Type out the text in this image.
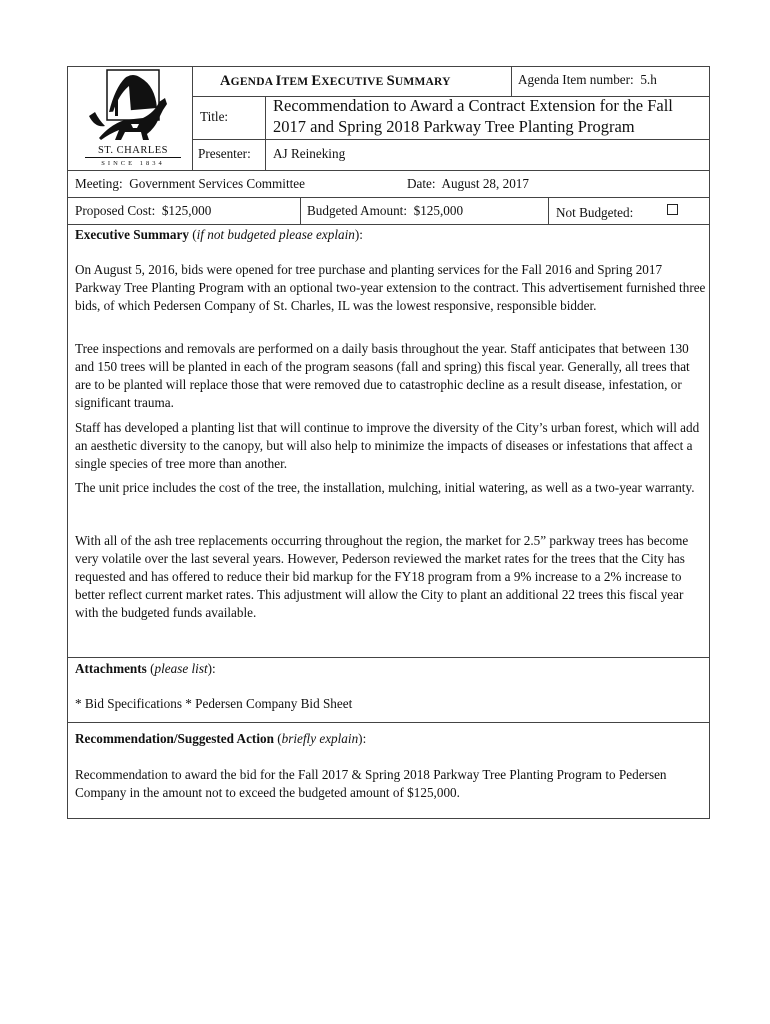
ST. CHARLES
SINCE 1834
AGENDA ITEM EXECUTIVE SUMMARY	Agenda Item number: 5.h
Title:
Recommendation to Award a Contract Extension for the Fall
2017 and Spring 2018 Parkway Tree Planting Program
Presenter: AJ Reineking
Meeting: Government Services Committee	Date: August 28, 2017
Proposed Cost: $125,000	Budgeted Amount: $125,000	Not Budgeted:
Executive Summary (if not budgeted please explain):

On August 5, 2016, bids were opened for tree purchase and planting services for the Fall 2016 and Spring 2017 Parkway Tree Planting Program with an optional two-year extension to the contract. This advertisement furnished three bids, of which Pedersen Company of St. Charles, IL was the lowest responsive, responsible bidder.

Tree inspections and removals are performed on a daily basis throughout the year. Staff anticipates that between 130 and 150 trees will be planted in each of the program seasons (fall and spring) this fiscal year. Generally, all trees that are to be planted will replace those that were removed due to catastrophic decline as a result disease, infestation, or significant trauma.

Staff has developed a planting list that will continue to improve the diversity of the City’s urban forest, which will add an aesthetic diversity to the canopy, but will also help to minimize the impacts of diseases or infestations that affect a single species of tree more than another.

The unit price includes the cost of the tree, the installation, mulching, initial watering, as well as a two-year warranty.

With all of the ash tree replacements occurring throughout the region, the market for 2.5” parkway trees has become very volatile over the last several years. However, Pederson reviewed the market rates for the trees that the City has requested and has offered to reduce their bid markup for the FY18 program from a 9% increase to a 2% increase to better reflect current market rates. This adjustment will allow the City to plant an additional 22 trees this fiscal year with the budgeted funds available.

Attachments (please list):
* Bid Specifications * Pedersen Company Bid Sheet
Recommendation/Suggested Action (briefly explain):

Recommendation to award the bid for the Fall 2017 & Spring 2018 Parkway Tree Planting Program to Pedersen Company in the amount not to exceed the budgeted amount of $125,000.
